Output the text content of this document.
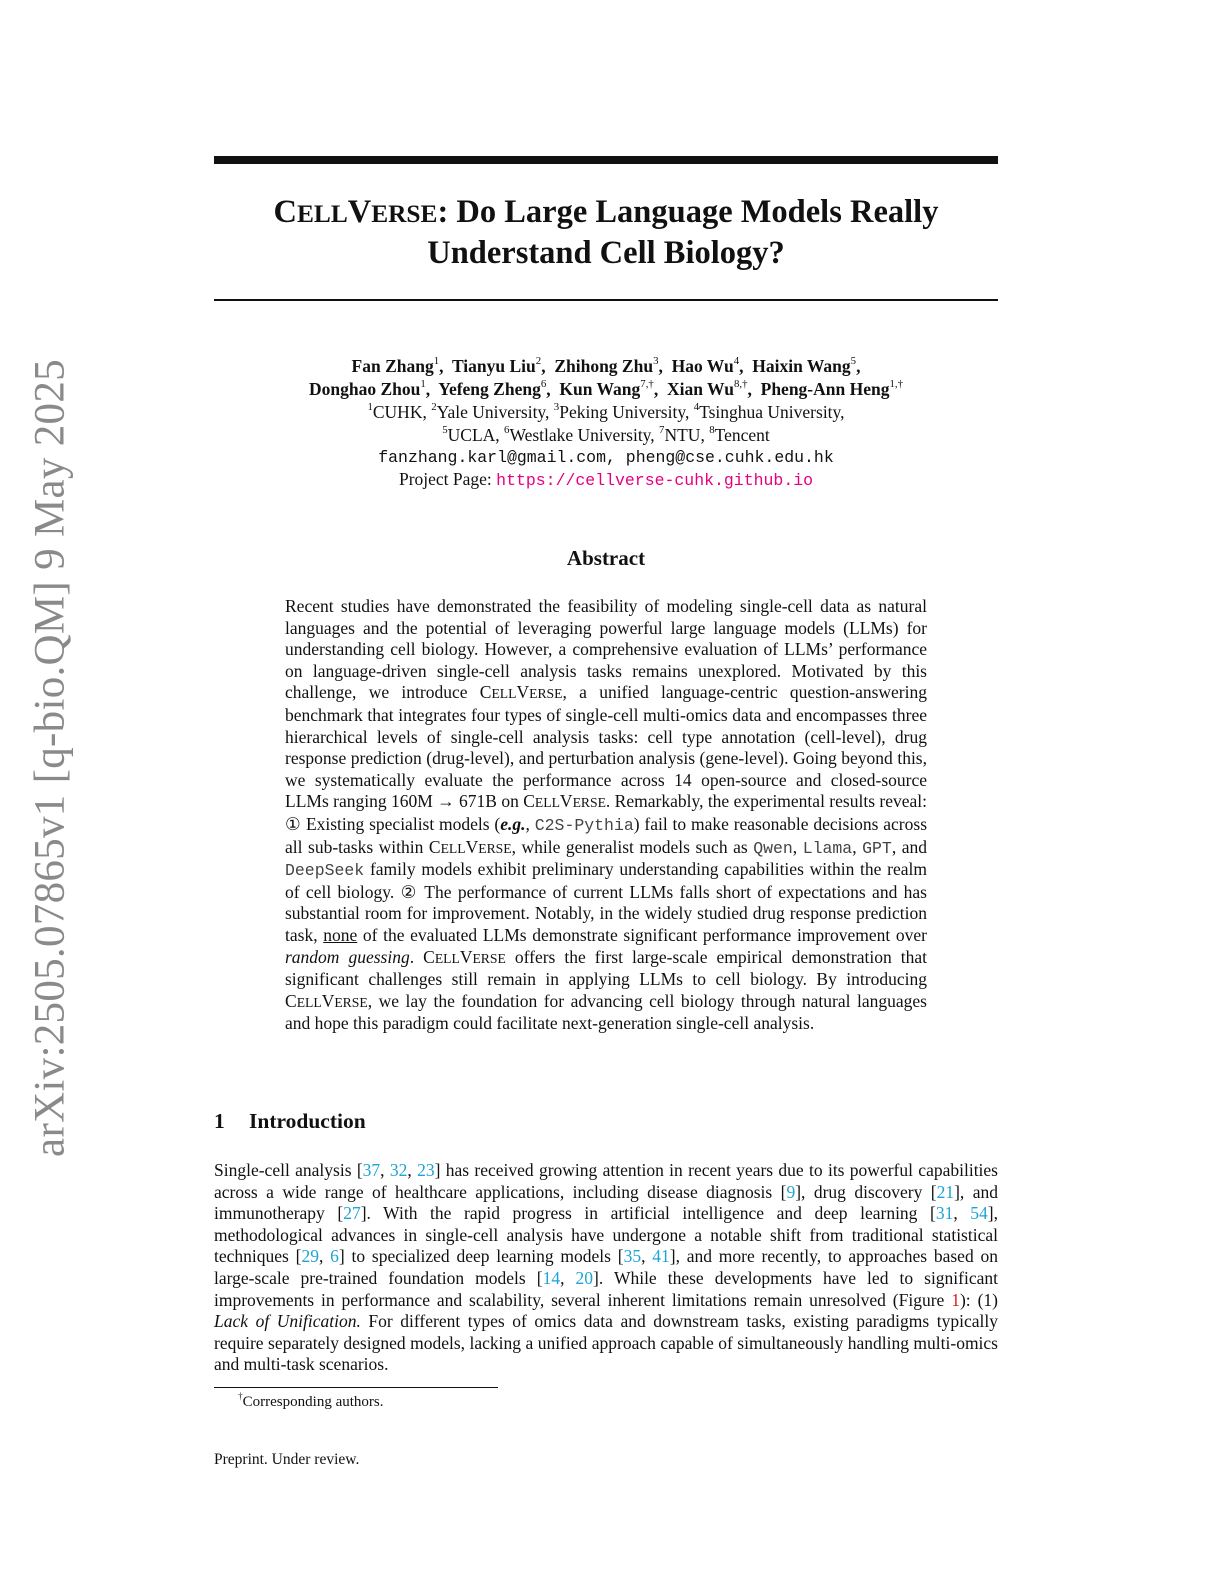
arXiv:2505.07865v1 [q-bio.QM] 9 May 2025
CELLVERSE: Do Large Language Models Really
Understand Cell Biology?
Fan Zhang$^1$,  Tianyu Liu$^2$,  Zhihong Zhu$^3$,  Hao Wu$^4$,  Haixin Wang$^5$,
Donghao Zhou$^1$,  Yefeng Zheng$^6$,  Kun Wang$^{7,\dagger}$,  Xian $Wu^{8,\dagger}$,  Pheng-Ann Heng$^{1,\dagger}$
$^1$CUHK, $^2$Yale University, $^3$Peking University, $^4$Tsinghua University,
$^5$UCLA, $^6$Westlake University, $^7$NTU, $^8$Tencent
fanzhang.karl@gmail.com, pheng@cse.cuhk.edu.hk
Project Page: https://cellverse-cuhk.github.io
Abstract
Recent studies have demonstrated the feasibility of modeling single-cell data as natural languages and the potential of leveraging powerful large language models (LLMs) for understanding cell biology. However, a comprehensive evaluation of LLMs’ performance on language-driven single-cell analysis tasks remains unexplored. Motivated by this challenge, we introduce CELLVERSE, a unified language-centric question-answering benchmark that integrates four types of single-cell multi-omics data and encompasses three hierarchical levels of single-cell analysis tasks: cell type annotation (cell-level), drug response prediction (drug-level), and perturbation analysis (gene-level). Going beyond this, we systematically evaluate the performance across 14 open-source and closed-source LLMs ranging 160M → 671B on CELLVERSE. Remarkably, the experimental results reveal: ① Existing specialist models (e.g., C2S-Pythia) fail to make reasonable decisions across all sub-tasks within CELLVERSE, while generalist models such as Qwen, Llama, GPT, and DeepSeek family models exhibit preliminary understanding capabilities within the realm of cell biology. ② The performance of current LLMs falls short of expectations and has substantial room for improvement. Notably, in the widely studied drug response prediction task, none of the evaluated LLMs demonstrate significant performance improvement over random guessing. CELLVERSE offers the first large-scale empirical demonstration that significant challenges still remain in applying LLMs to cell biology. By introducing CELLVERSE, we lay the foundation for advancing cell biology through natural languages and hope this paradigm could facilitate next-generation single-cell analysis.
1 Introduction
Single-cell analysis [37, 32, 23] has received growing attention in recent years due to its powerful capabilities across a wide range of healthcare applications, including disease diagnosis [9], drug discovery [21], and immunotherapy [27]. With the rapid progress in artificial intelligence and deep learning [31, 54], methodological advances in single-cell analysis have undergone a notable shift from traditional statistical techniques [29, 6] to specialized deep learning models [35, 41], and more recently, to approaches based on large-scale pre-trained foundation models [14, 20]. While these developments have led to significant improvements in performance and scalability, several inherent limitations remain unresolved (Figure 1): (1) Lack of Unification. For different types of omics data and downstream tasks, existing paradigms typically require separately designed models, lacking a unified approach capable of simultaneously handling multi-omics and multi-task scenarios.
†Corresponding authors.
Preprint. Under review.
